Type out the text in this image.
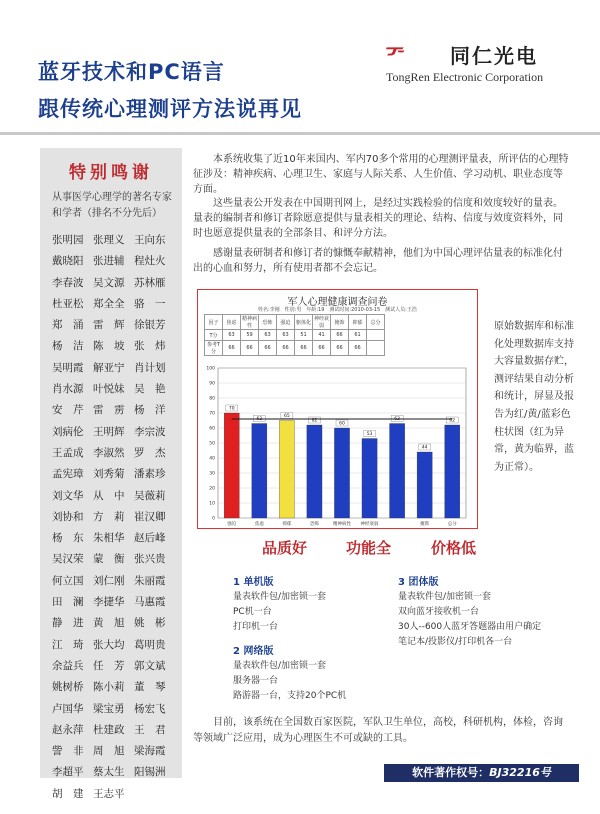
蓝牙技术和PC语言
跟传统心理测评方法说再见
同仁光电
TongRen Electronic Corporation
特别鸣谢
从事医学心理学的著名专家和学者（排名不分先后）
张明园 张理义 王向东
戴晓阳 张进辅 程灶火
李春波 吴文源 苏林雁
杜亚松 郑全全 骆　一
郑　涌 雷　辉 徐银芳
杨　洁 陈　坡 张　炜
吴明霞 解亚宁 肖计划
肖水源 叶悦妹 吴　艳
安　芹 雷　雳 杨　洋
刘病伦 王明辉 李宗波
王孟成 李淑然 罗　杰
孟宪璋 刘秀菊 潘素珍
刘文华 从　中 吴薇莉
刘协和 方　莉 崔汉卿
杨　东 朱相华 赵后峰
吴汉荣 蒙　衡 张兴贵
何立国 刘仁刚 朱丽霞
田　澜 李捷华 马惠霞
静　进 黄　旭 姚　彬
江　琦 张大均 葛明贵
余益兵 任　芳 郭文斌
姚树桥 陈小莉 董　琴
卢国华 梁宝勇 杨宏飞
赵永萍 杜建政 王　君
訾　非 周　旭 梁海霞
李超平 蔡太生 阳锡洲
胡　建 王志平

本系统收集了近10年来国内、军内70多个常用的心理测评量表，所评估的心理特征涉及：精神疾病、心理卫生、家庭与人际关系、人生价值、学习动机、职业态度等方面。

这些量表公开发表在中国期刊网上，是经过实践检验的信度和效度较好的量表。量表的编制者和修订者除愿意提供与量表相关的理论、结构、信度与效度资料外，同时也愿意提供量表的全部条目、和评分方法。

感谢量表研制者和修订者的慷慨奉献精神，他们为中国心理评估量表的标准化付出的心血和努力，所有使用者都不会忘记。

军人心理健康调查问卷
姓名:李刚　性别:男　年龄:19　测试时间:2010-03-15　测试人员:王浩
因子	焦虑	精神病性	恐怖	强迫	躯体化	神经衰弱	掩饰	抑郁	总分
T分	63	59	63	63	51	41	66	61	
参考T分	66	66	66	66	66	66	66	66	
0
10
20
30
40
50
60
70
80
90
100
70
强迫
63
焦虑
65
抑郁
62
恐怖
60
精神病性
53
神经衰弱
63
44
掩饰
62
总分
原始数据库和标准化处理数据库支持大容量数据存贮，测评结果自动分析和统计，屏显及报告为红/黄/蓝彩色柱状图（红为异常，黄为临界，蓝为正常）。
品质好	功能全	价格低
1 单机版
量表软件包/加密锁一套
PC机一台
打印机一台
2 网络版
量表软件包/加密锁一套
服务器一台
路游器一台，支持20个PC机
3 团体版
量表软件包/加密锁一套
双向蓝牙接收机一台
30人--600人蓝牙答题器由用户确定
笔记本/投影仪/打印机各一台

目前，该系统在全国数百家医院，军队卫生单位，高校，科研机构，体检，咨询等领域广泛应用，成为心理医生不可或缺的工具。

软件著作权号：BJ32216号
